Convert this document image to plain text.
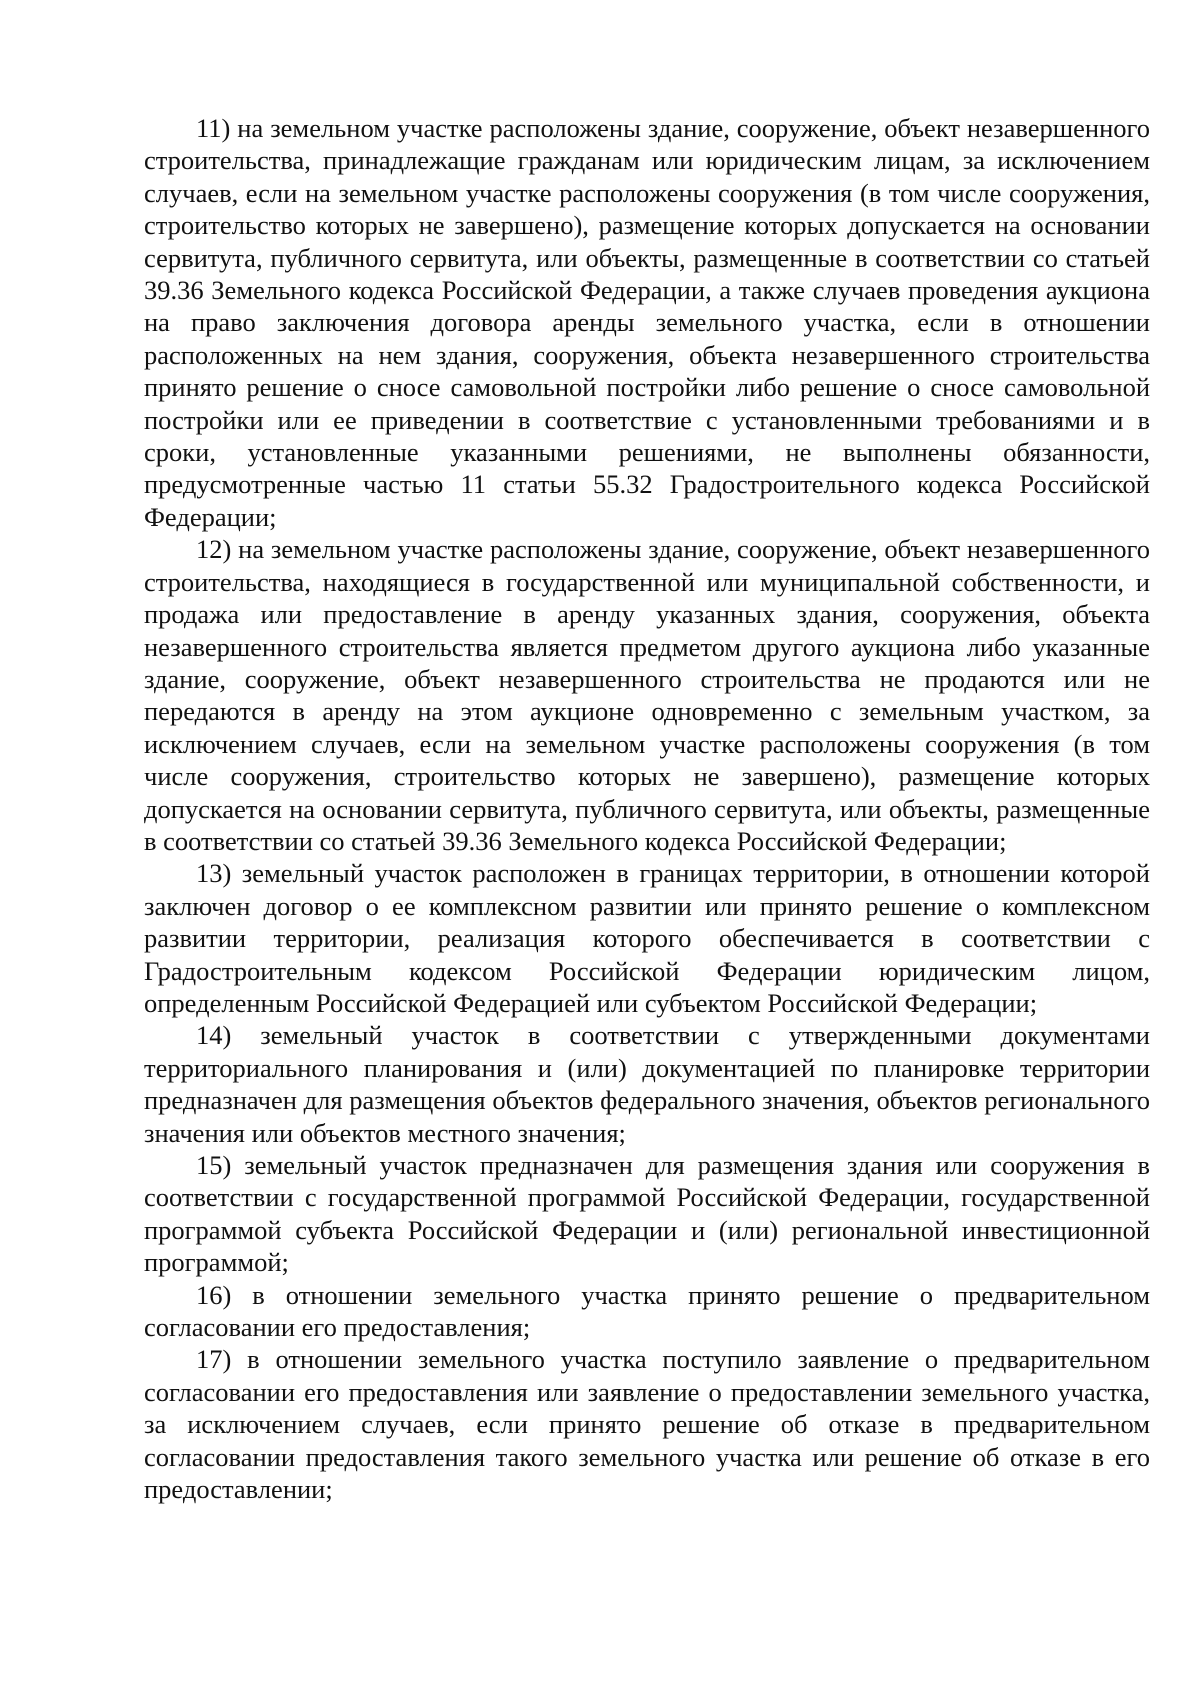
11) на земельном участке расположены здание, сооружение, объект незавершенного строительства, принадлежащие гражданам или юридическим лицам, за исключением случаев, если на земельном участке расположены сооружения (в том числе сооружения, строительство которых не завершено), размещение которых допускается на основании сервитута, публичного сервитута, или объекты, размещенные в соответствии со статьей 39.36 Земельного кодекса Российской Федерации, а также случаев проведения аукциона на право заключения договора аренды земельного участка, если в отношении расположенных на нем здания, сооружения, объекта незавершенного строительства принято решение о сносе самовольной постройки либо решение о сносе самовольной постройки или ее приведении в соответствие с установленными требованиями и в сроки, установленные указанными решениями, не выполнены обязанности, предусмотренные частью 11 статьи 55.32 Градостроительного кодекса Российской Федерации;

12) на земельном участке расположены здание, сооружение, объект незавершенного строительства, находящиеся в государственной или муниципальной собственности, и продажа или предоставление в аренду указанных здания, сооружения, объекта незавершенного строительства является предметом другого аукциона либо указанные здание, сооружение, объект незавершенного строительства не продаются или не передаются в аренду на этом аукционе одновременно с земельным участком, за исключением случаев, если на земельном участке расположены сооружения (в том числе сооружения, строительство которых не завершено), размещение которых допускается на основании сервитута, публичного сервитута, или объекты, размещенные в соответствии со статьей 39.36 Земельного кодекса Российской Федерации;

13) земельный участок расположен в границах территории, в отношении которой заключен договор о ее комплексном развитии или принято решение о комплексном развитии территории, реализация которого обеспечивается в соответствии с Градостроительным кодексом Российской Федерации юридическим лицом, определенным Российской Федерацией или субъектом Российской Федерации;

14) земельный участок в соответствии с утвержденными документами территориального планирования и (или) документацией по планировке территории предназначен для размещения объектов федерального значения, объектов регионального значения или объектов местного значения;

15) земельный участок предназначен для размещения здания или сооружения в соответствии с государственной программой Российской Федерации, государственной программой субъекта Российской Федерации и (или) региональной инвестиционной программой;

16) в отношении земельного участка принято решение о предварительном согласовании его предоставления;

17) в отношении земельного участка поступило заявление о предварительном согласовании его предоставления или заявление о предоставлении земельного участка, за исключением случаев, если принято решение об отказе в предварительном согласовании предоставления такого земельного участка или решение об отказе в его предоставлении;
